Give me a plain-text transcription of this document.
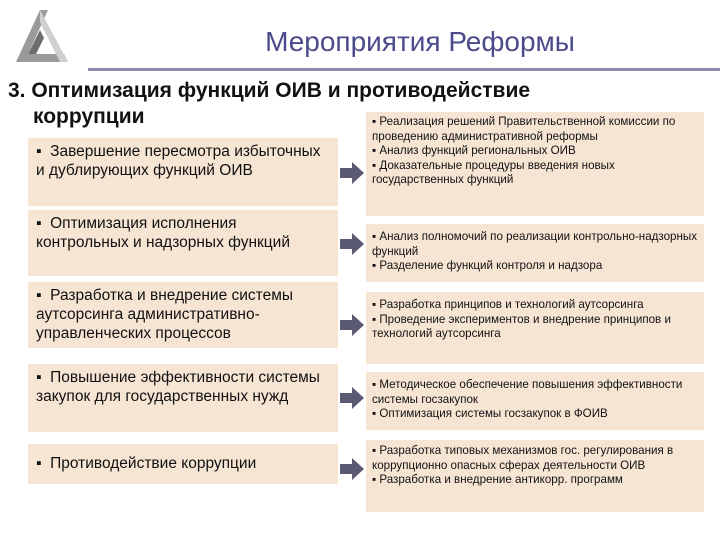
Мероприятия Реформы
3. Оптимизация функций ОИВ и противодействие
коррупции
▪ Завершение пересмотра избыточных и дублирующих функций ОИВ

▪ Реализация решений Правительственной комиссии по проведению административной реформы

▪ Анализ функций региональных ОИВ

▪ Доказательные процедуры введения новых государственных функций

▪ Оптимизация исполнения контрольных и надзорных функций

▪	Анализ полномочий по реализации контрольно-надзорных функций

▪ Разделение функций контроля и надзора

▪ Разработка и внедрение системы аутсорсинга административно-управленческих процессов

▪ Разработка принципов и технологий аутсорсинга

▪ Проведение экспериментов и внедрение принципов и технологий аутсорсинга

▪ Повышение эффективности системы закупок для государственных нужд

▪ Методическое обеспечение повышения эффективности системы госзакупок

▪ Оптимизация системы госзакупок в ФОИВ

▪ Противодействие коррупции

▪ Разработка типовых механизмов гос. регулирования в коррупционно опасных сферах деятельности ОИВ

▪ Разработка и внедрение антикорр. программ
